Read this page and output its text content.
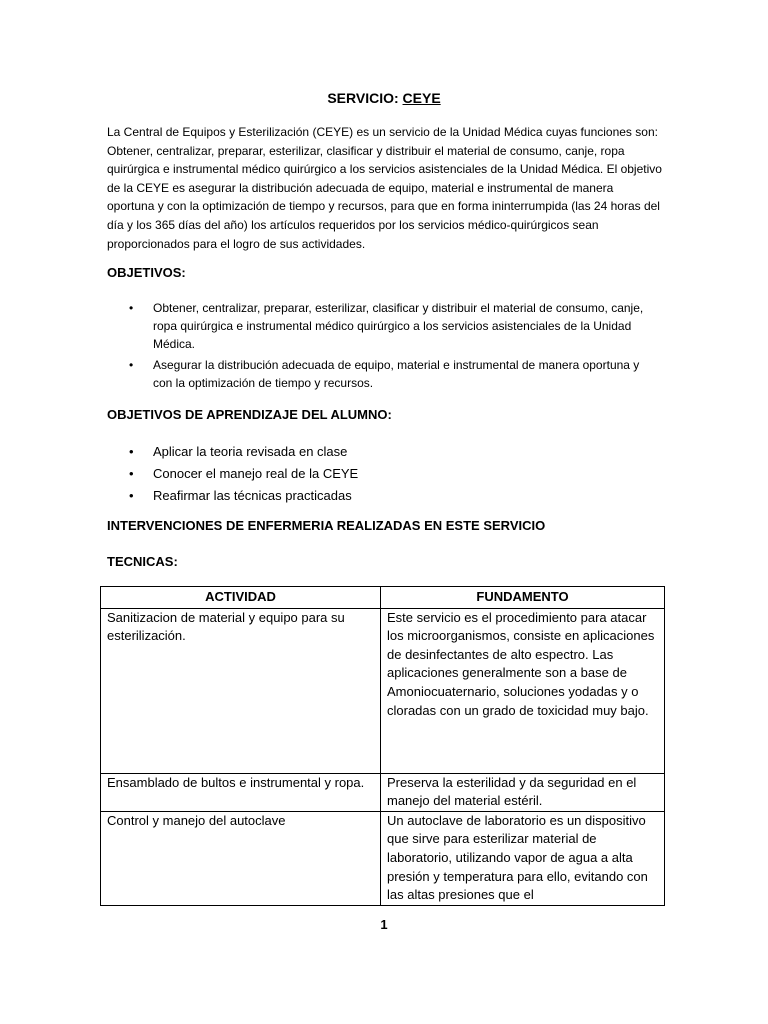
SERVICIO: CEYE
La Central de Equipos y Esterilización (CEYE) es un servicio de la Unidad Médica cuyas funciones son: Obtener, centralizar, preparar, esterilizar, clasificar y distribuir el material de consumo, canje, ropa quirúrgica e instrumental médico quirúrgico a los servicios asistenciales de la Unidad Médica. El objetivo de la CEYE es asegurar la distribución adecuada de equipo, material e instrumental de manera oportuna y con la optimización de tiempo y recursos, para que en forma ininterrumpida (las 24 horas del día y los 365 días del año) los artículos requeridos por los servicios médico-quirúrgicos sean proporcionados para el logro de sus actividades.
OBJETIVOS:
• Obtener, centralizar, preparar, esterilizar, clasificar y distribuir el material de consumo, canje, ropa quirúrgica e instrumental médico quirúrgico a los servicios asistenciales de la Unidad Médica.
• Asegurar la distribución adecuada de equipo, material e instrumental de manera oportuna y con la optimización de tiempo y recursos.
OBJETIVOS DE APRENDIZAJE DEL ALUMNO:
• Aplicar la teoria revisada en clase
• Conocer el manejo real de la CEYE
• Reafirmar las técnicas practicadas
INTERVENCIONES DE ENFERMERIA REALIZADAS EN ESTE SERVICIO
TECNICAS:
ACTIVIDAD	FUNDAMENTO
Sanitizacion de material y equipo para su esterilización.	Este servicio es el procedimiento para atacar los microorganismos, consiste en aplicaciones de desinfectantes de alto espectro. Las aplicaciones generalmente son a base de Amoniocuaternario, soluciones yodadas y o cloradas con un grado de toxicidad muy bajo.
Ensamblado de bultos e instrumental y ropa.	Preserva la esterilidad y da seguridad en el manejo del material estéril.
Control y manejo del autoclave	Un autoclave de laboratorio es un dispositivo que sirve para esterilizar material de laboratorio, utilizando vapor de agua a alta presión y temperatura para ello, evitando con las altas presiones que el
1
